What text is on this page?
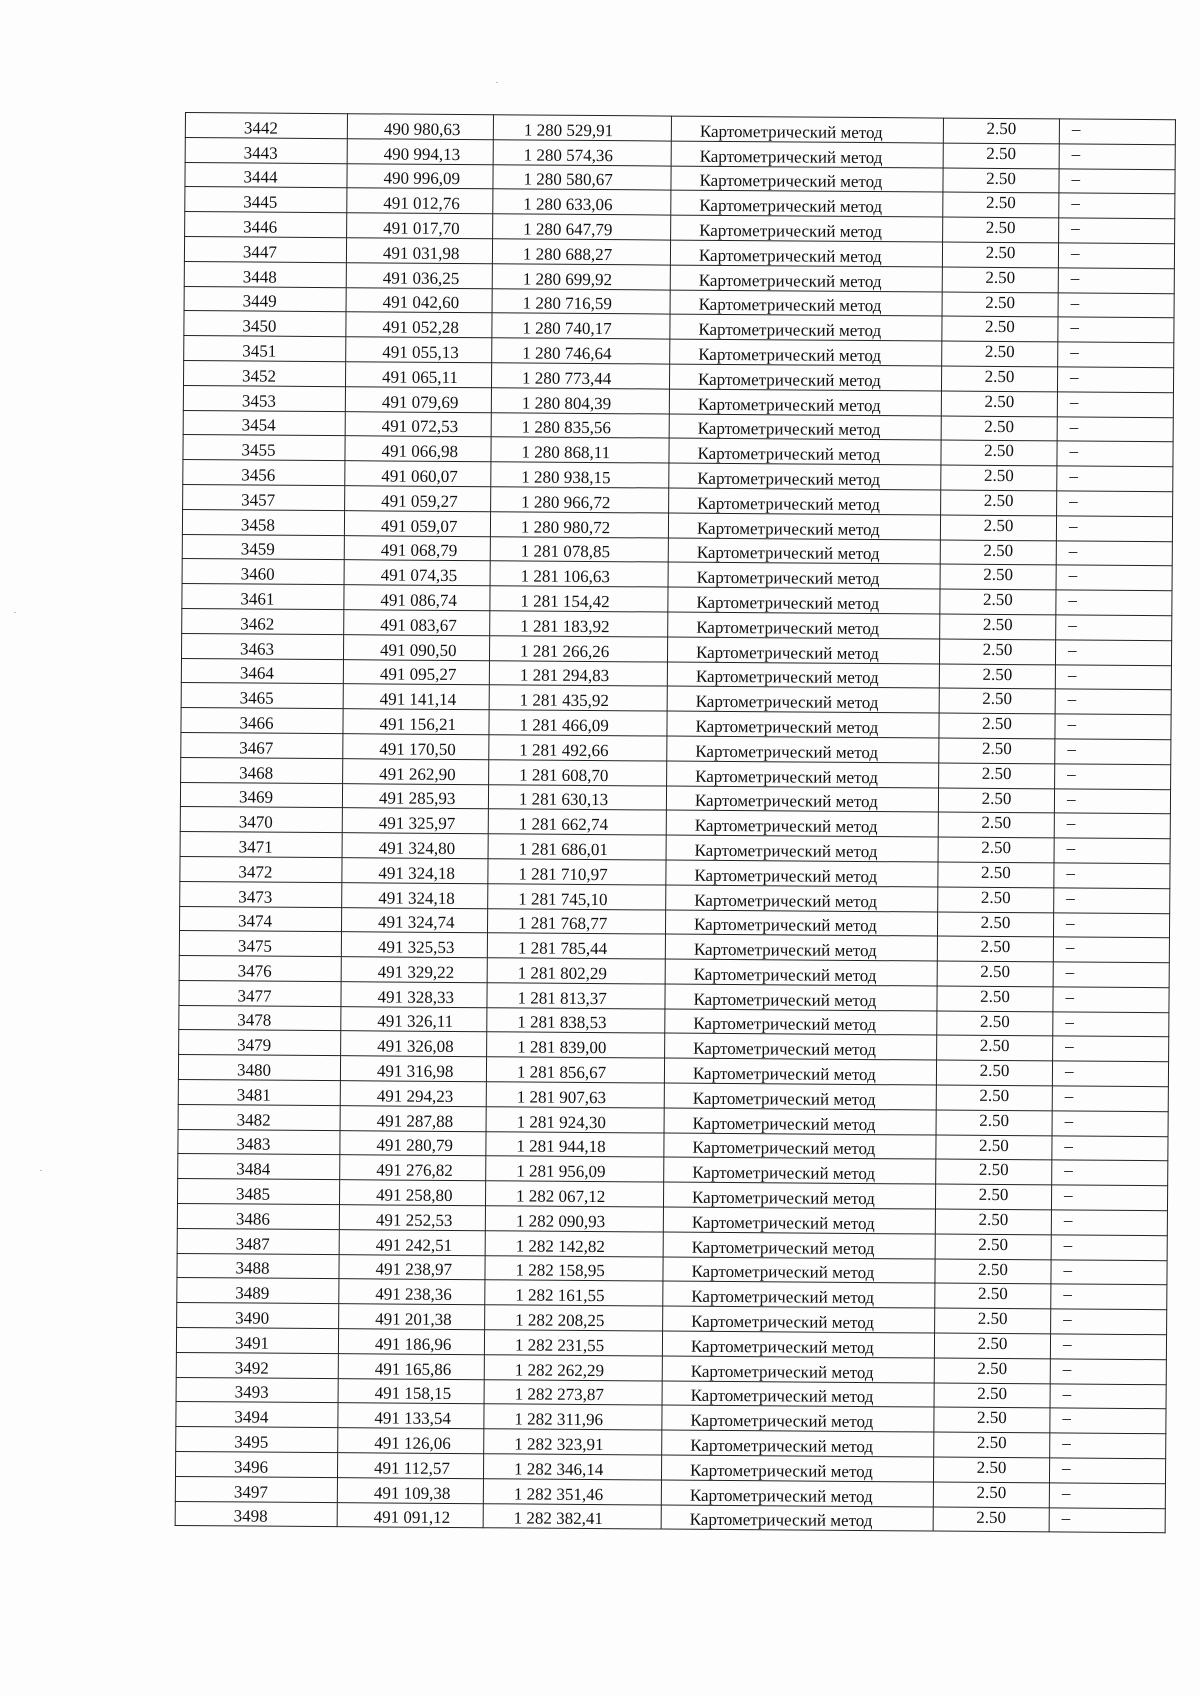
3442	490 980,63	1 280 529,91	Картометрический метод	2.50	–
3443	490 994,13	1 280 574,36	Картометрический метод	2.50	–
3444	490 996,09	1 280 580,67	Картометрический метод	2.50	–
3445	491 012,76	1 280 633,06	Картометрический метод	2.50	–
3446	491 017,70	1 280 647,79	Картометрический метод	2.50	–
3447	491 031,98	1 280 688,27	Картометрический метод	2.50	–
3448	491 036,25	1 280 699,92	Картометрический метод	2.50	–
3449	491 042,60	1 280 716,59	Картометрический метод	2.50	–
3450	491 052,28	1 280 740,17	Картометрический метод	2.50	–
3451	491 055,13	1 280 746,64	Картометрический метод	2.50	–
3452	491 065,11	1 280 773,44	Картометрический метод	2.50	–
3453	491 079,69	1 280 804,39	Картометрический метод	2.50	–
3454	491 072,53	1 280 835,56	Картометрический метод	2.50	–
3455	491 066,98	1 280 868,11	Картометрический метод	2.50	–
3456	491 060,07	1 280 938,15	Картометрический метод	2.50	–
3457	491 059,27	1 280 966,72	Картометрический метод	2.50	–
3458	491 059,07	1 280 980,72	Картометрический метод	2.50	–
3459	491 068,79	1 281 078,85	Картометрический метод	2.50	–
3460	491 074,35	1 281 106,63	Картометрический метод	2.50	–
3461	491 086,74	1 281 154,42	Картометрический метод	2.50	–
3462	491 083,67	1 281 183,92	Картометрический метод	2.50	–
3463	491 090,50	1 281 266,26	Картометрический метод	2.50	–
3464	491 095,27	1 281 294,83	Картометрический метод	2.50	–
3465	491 141,14	1 281 435,92	Картометрический метод	2.50	–
3466	491 156,21	1 281 466,09	Картометрический метод	2.50	–
3467	491 170,50	1 281 492,66	Картометрический метод	2.50	–
3468	491 262,90	1 281 608,70	Картометрический метод	2.50	–
3469	491 285,93	1 281 630,13	Картометрический метод	2.50	–
3470	491 325,97	1 281 662,74	Картометрический метод	2.50	–
3471	491 324,80	1 281 686,01	Картометрический метод	2.50	–
3472	491 324,18	1 281 710,97	Картометрический метод	2.50	–
3473	491 324,18	1 281 745,10	Картометрический метод	2.50	–
3474	491 324,74	1 281 768,77	Картометрический метод	2.50	–
3475	491 325,53	1 281 785,44	Картометрический метод	2.50	–
3476	491 329,22	1 281 802,29	Картометрический метод	2.50	–
3477	491 328,33	1 281 813,37	Картометрический метод	2.50	–
3478	491 326,11	1 281 838,53	Картометрический метод	2.50	–
3479	491 326,08	1 281 839,00	Картометрический метод	2.50	–
3480	491 316,98	1 281 856,67	Картометрический метод	2.50	–
3481	491 294,23	1 281 907,63	Картометрический метод	2.50	–
3482	491 287,88	1 281 924,30	Картометрический метод	2.50	–
3483	491 280,79	1 281 944,18	Картометрический метод	2.50	–
3484	491 276,82	1 281 956,09	Картометрический метод	2.50	–
3485	491 258,80	1 282 067,12	Картометрический метод	2.50	–
3486	491 252,53	1 282 090,93	Картометрический метод	2.50	–
3487	491 242,51	1 282 142,82	Картометрический метод	2.50	–
3488	491 238,97	1 282 158,95	Картометрический метод	2.50	–
3489	491 238,36	1 282 161,55	Картометрический метод	2.50	–
3490	491 201,38	1 282 208,25	Картометрический метод	2.50	–
3491	491 186,96	1 282 231,55	Картометрический метод	2.50	–
3492	491 165,86	1 282 262,29	Картометрический метод	2.50	–
3493	491 158,15	1 282 273,87	Картометрический метод	2.50	–
3494	491 133,54	1 282 311,96	Картометрический метод	2.50	–
3495	491 126,06	1 282 323,91	Картометрический метод	2.50	–
3496	491 112,57	1 282 346,14	Картометрический метод	2.50	–
3497	491 109,38	1 282 351,46	Картометрический метод	2.50	–
3498	491 091,12	1 282 382,41	Картометрический метод	2.50	–
